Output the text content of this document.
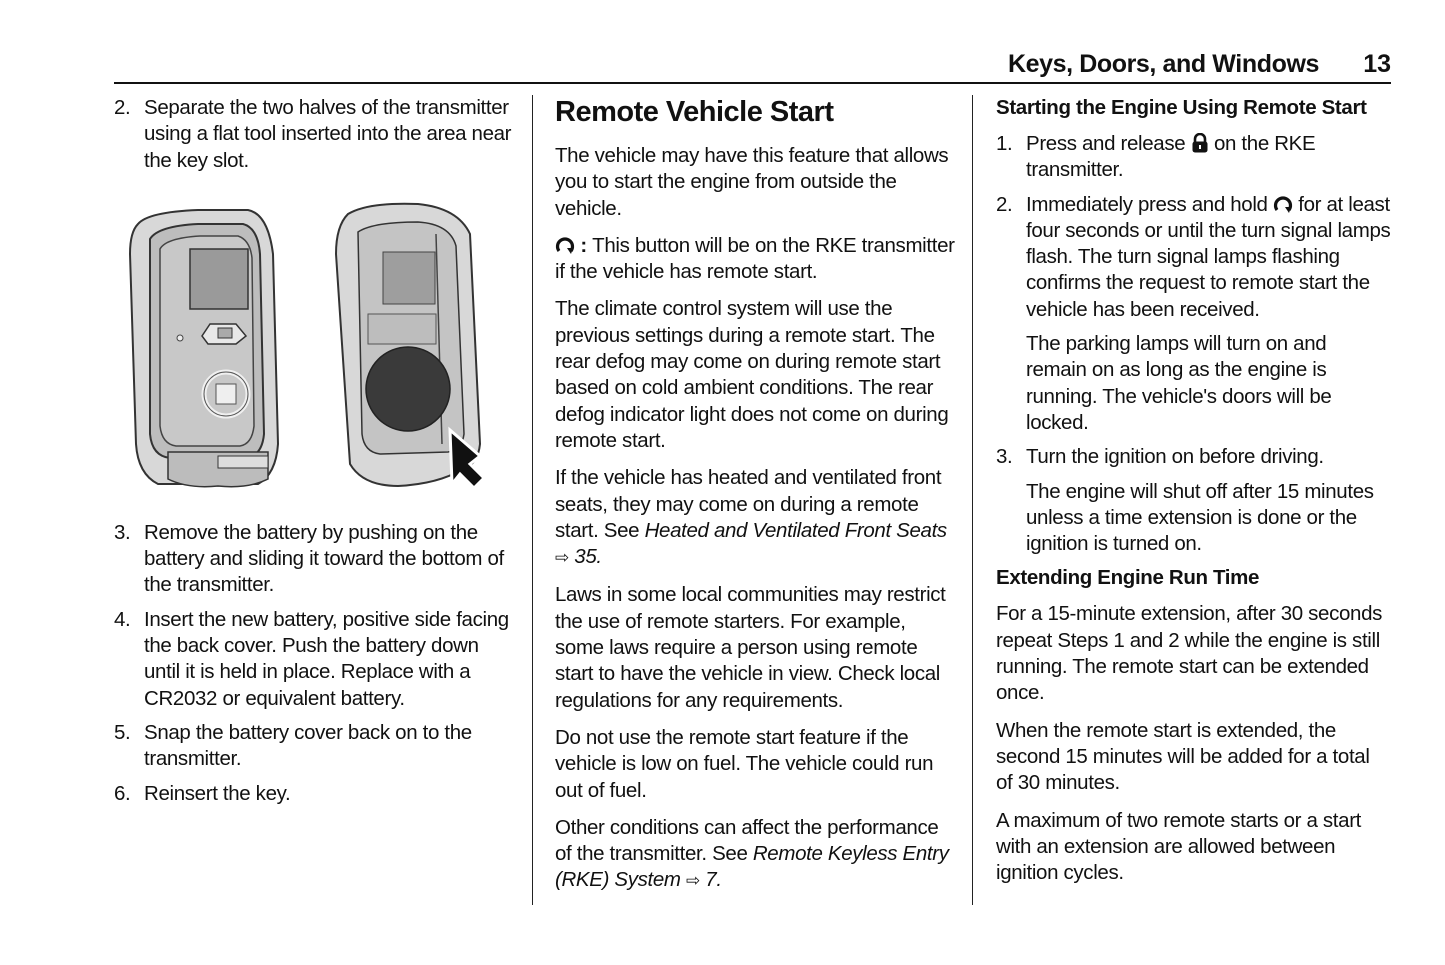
Keys, Doors, and Windows 13
2. Separate the two halves of the transmitter using a flat tool inserted into the area near the key slot.
3. Remove the battery by pushing on the battery and sliding it toward the bottom of the transmitter.
4. Insert the new battery, positive side facing the back cover. Push the battery down until it is held in place. Replace with a CR2032 or equivalent battery.
5. Snap the battery cover back on to the transmitter.
6. Reinsert the key.
Remote Vehicle Start

The vehicle may have this feature that allows you to start the engine from outside the vehicle.

: This button will be on the RKE transmitter if the vehicle has remote start.

The climate control system will use the previous settings during a remote start. The rear defog may come on during remote start based on cold ambient conditions. The rear defog indicator light does not come on during remote start.

If the vehicle has heated and ventilated front seats, they may come on during a remote start. See Heated and Ventilated Front Seats ⇨ 35.

Laws in some local communities may restrict the use of remote starters. For example, some laws require a person using remote start to have the vehicle in view. Check local regulations for any requirements.

Do not use the remote start feature if the vehicle is low on fuel. The vehicle could run out of fuel.

Other conditions can affect the performance of the transmitter. See Remote Keyless Entry (RKE) System ⇨ 7.

Starting the Engine Using Remote Start
1. Press and release  on the RKE transmitter.
2. Immediately press and hold  for at least four seconds or until the turn signal lamps flash. The turn signal lamps flashing confirms the request to remote start the vehicle has been received.

The parking lamps will turn on and remain on as long as the engine is running. The vehicle's doors will be locked.

3. Turn the ignition on before driving.

The engine will shut off after 15 minutes unless a time extension is done or the ignition is turned on.

Extending Engine Run Time

For a 15-minute extension, after 30 seconds repeat Steps 1 and 2 while the engine is still running. The remote start can be extended once.

When the remote start is extended, the second 15 minutes will be added for a total of 30 minutes.

A maximum of two remote starts or a start with an extension are allowed between ignition cycles.
